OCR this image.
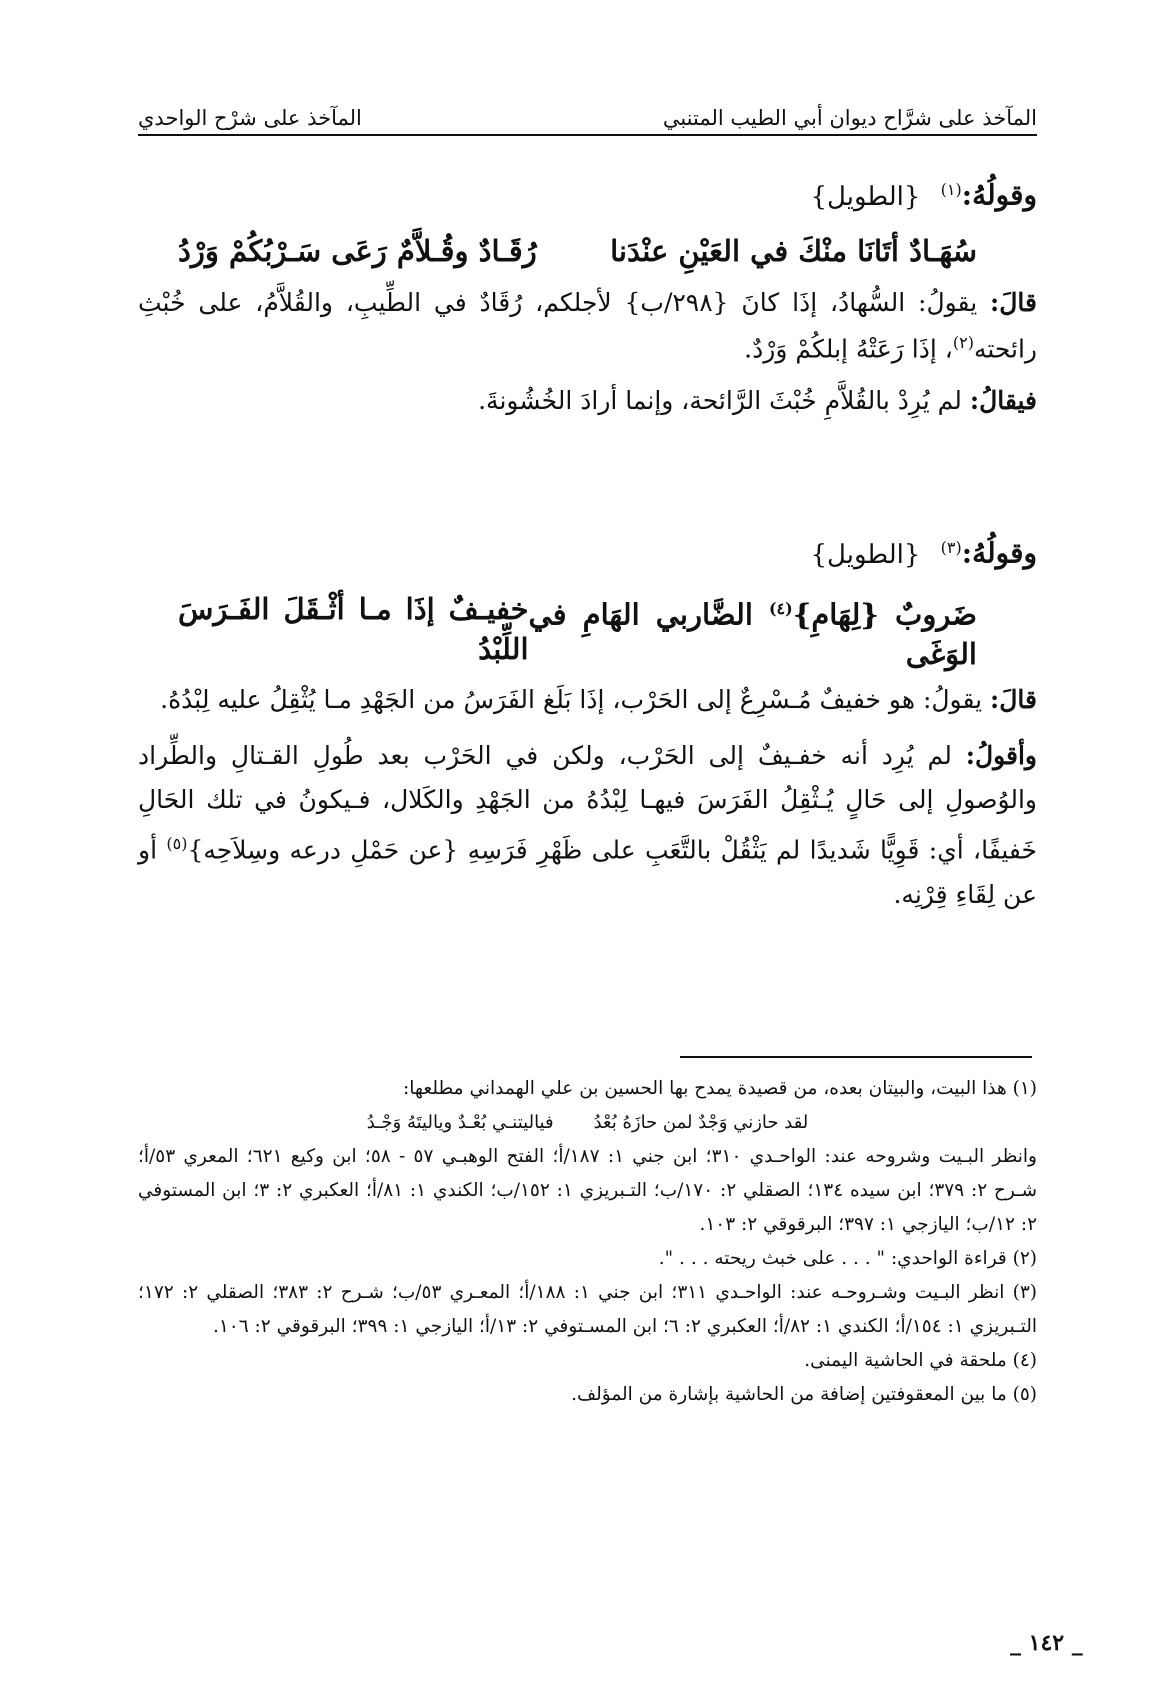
المآخذ على شرَّاح ديوان أبي الطيب المتنبي
المآخذ على شرْح الواحدي
وقولُهُ:$^{(١)}$ {الطويل}
سُهَـادٌ أتَانَا منْكَ في العَيْنِ عنْدَنا
رُقَـادٌ وقُـلاَّمٌ رَعَى سَـرْبُكُمْ وَرْدُ
قالَ: يقولُ: السُّهادُ، إذَا كانَ {٢٩٨/ب} لأجلكم، رُقَادٌ في الطِّيبِ، والقُلاَّمُ، على خُبْثِ رائحته$^{(٢)}$، إذَا رَعَتْهُ إبلكُمْ وَرْدٌ.
فيقالُ: لم يُرِدْ بالقُلاَّمِ خُبْثَ الرَّائحة، وإنما أرادَ الخُشُونةَ.
وقولُهُ:$^{(٣)}$ {الطويل}
ضَروبٌ {لِهَامِ}$^{(٤)}$ الضَّاربي الهَامِ في الوَغَى
خفيـفٌ إذَا مـا أثْـقَلَ الفَـرَسَ اللِّبْدُ
قالَ: يقولُ: هو خفيفٌ مُـسْرِعٌ إلى الحَرْب، إذَا بَلَغ الفَرَسُ من الجَهْدِ مـا يُثْقِلُ عليه لِبْدُهُ.
وأقولُ: لم يُرِد أنه خفـيفٌ إلى الحَرْب، ولكن في الحَرْب بعد طُولِ القـتالِ والطِّراد والوُصولِ إلى حَالٍ يُـثْقِلُ الفَرَسَ فيهـا لِبْدُهُ من الجَهْدِ والكَلال، فـيكونُ في تلك الحَالِ خَفيفًا، أي: قَوِيًّا شَديدًا لم يَثْقُلْ بالتَّعَبِ على ظَهْرِ فَرَسِهِ {عن حَمْلِ درعه وسِلاَحِه}$^{(٥)}$ أو عن لِقَاءِ قِرْنِه.

(١) هذا البيت، والبيتان بعده، من قصيدة يمدح بها الحسين بن علي الهمداني مطلعها:

لقد حازني وَجْدٌ لمن حازَهُ بُعْدُ
فياليتنـي بُعْـدٌ وياليتَهُ وَجْـدُ

وانظر البـيت وشروحه عند: الواحـدي ٣١٠؛ ابن جني ١: ١٨٧/أ؛ الفتح الوهبـي ٥٧ - ٥٨؛ ابن وكيع ٦٢١؛ المعري ٥٣/أ؛ شـرح ٢: ٣٧٩؛ ابن سيده ١٣٤؛ الصقلي ٢: ١٧٠/ب؛ التـبريزي ١: ١٥٢/ب؛ الكندي ١: ٨١/أ؛ العكبري ٢: ٣؛ ابن المستوفي ٢: ١٢/ب؛ اليازجي ١: ٣٩٧؛ البرقوقي ٢: ١٠٣.

(٢) قراءة الواحدي: " . . . على خبث ريحته . . . ".

(٣) انظر البـيت وشـروحـه عند: الواحـدي ٣١١؛ ابن جني ١: ١٨٨/أ؛ المعـري ٥٣/ب؛ شـرح ٢: ٣٨٣؛ الصقلي ٢: ١٧٢؛ التـبريزي ١: ١٥٤/أ؛ الكندي ١: ٨٢/أ؛ العكبري ٢: ٦؛ ابن المسـتوفي ٢: ١٣/أ؛ اليازجي ١: ٣٩٩؛ البرقوقي ٢: ١٠٦.

(٤) ملحقة في الحاشية اليمنى.

(٥) ما بين المعقوفتين إضافة من الحاشية بإشارة من المؤلف.

_ ١٤٢ _
